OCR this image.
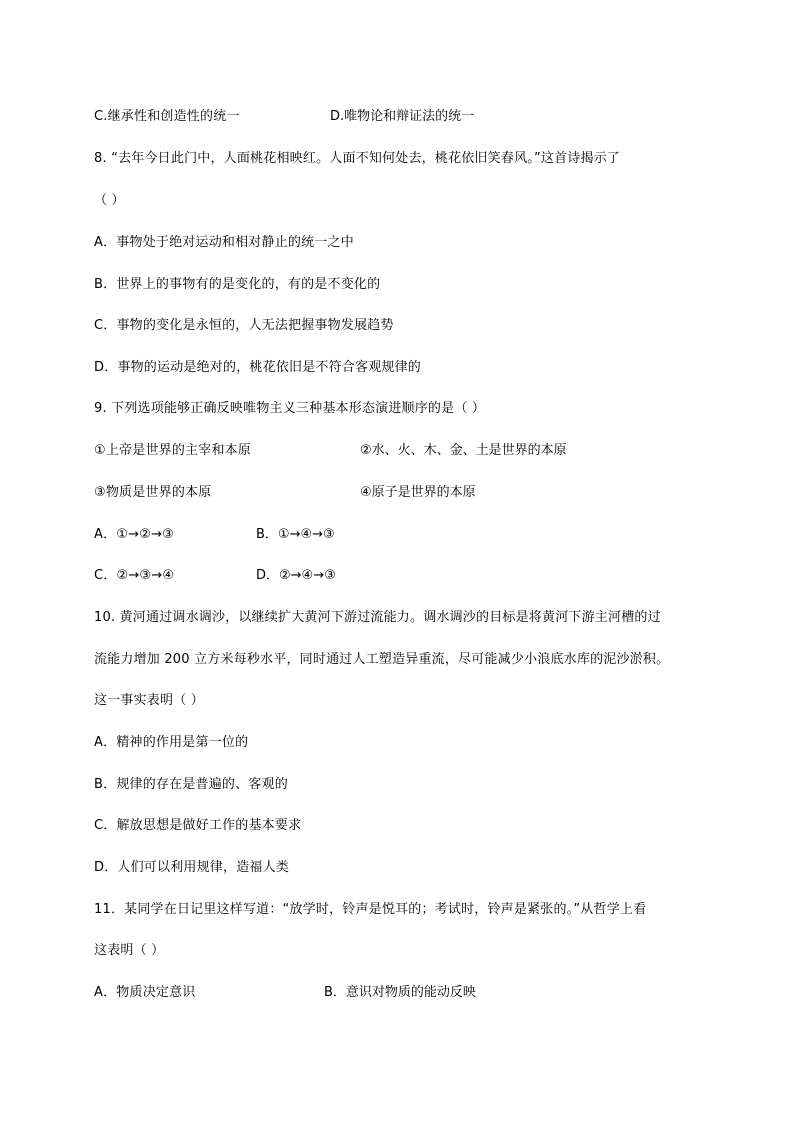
C.继承性和创造性的统一	D.唯物论和辩证法的统一
8. “去年今日此门中，人面桃花相映红。人面不知何处去，桃花依旧笑春风。”这首诗揭示了
（ ）
A．事物处于绝对运动和相对静止的统一之中
B．世界上的事物有的是变化的，有的是不变化的
C．事物的变化是永恒的，人无法把握事物发展趋势
D．事物的运动是绝对的，桃花依旧是不符合客观规律的
9. 下列选项能够正确反映唯物主义三种基本形态演进顺序的是（ ）
①上帝是世界的主宰和本原	②水、火、木、金、土是世界的本原
③物质是世界的本原	④原子是世界的本原
A．①→②→③	B．①→④→③
C．②→③→④	D．②→④→③
10. 黄河通过调水调沙，以继续扩大黄河下游过流能力。调水调沙的目标是将黄河下游主河槽的过
流能力增加 200 立方米每秒水平，同时通过人工塑造异重流，尽可能减少小浪底水库的泥沙淤积。
这一事实表明（ ）
A．精神的作用是第一位的
B．规律的存在是普遍的、客观的
C．解放思想是做好工作的基本要求
D．人们可以利用规律，造福人类
11．某同学在日记里这样写道：“放学时，铃声是悦耳的；考试时，铃声是紧张的。”从哲学上看
这表明（ ）
A．物质决定意识	B．意识对物质的能动反映
